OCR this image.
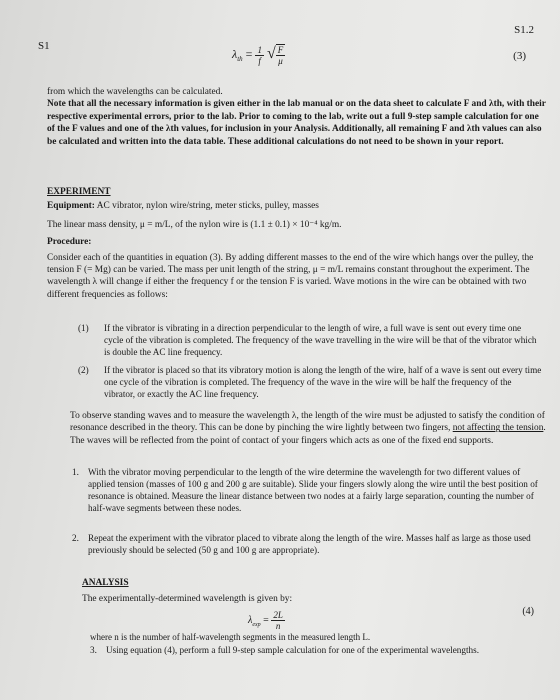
S1
S1.2
$\lambda_{th} = \frac{1}{f}$ √ $\frac{F}{\mu}$	(3)

from which the wavelengths can be calculated.

Note that all the necessary information is given either in the lab manual or on the data sheet to calculate F and λth, with their respective experimental errors, prior to the lab. Prior to coming to the lab, write out a full 9-step sample calculation for one of the F values and one of the λth values, for inclusion in your Analysis. Additionally, all remaining F and λth values can also be calculated and written into the data table. These additional calculations do not need to be shown in your report.

EXPERIMENT

Equipment: AC vibrator, nylon wire/string, meter sticks, pulley, masses

The linear mass density, μ = m/L, of the nylon wire is (1.1 ± 0.1) × 10⁻⁴ kg/m.

Procedure:

Consider each of the quantities in equation (3). By adding different masses to the end of the wire which hangs over the pulley, the tension F (= Mg) can be varied. The mass per unit length of the string, μ = m/L remains constant throughout the experiment. The wavelength λ will change if either the frequency f or the tension F is varied. Wave motions in the wire can be obtained with two different frequencies as follows:

(1)	If the vibrator is vibrating in a direction perpendicular to the length of wire, a full wave is sent out every time one cycle of the vibration is completed. The frequency of the wave travelling in the wire will be that of the vibrator which is double the AC line frequency.

(2)	If the vibrator is placed so that its vibratory motion is along the length of the wire, half of a wave is sent out every time one cycle of the vibration is completed. The frequency of the wave in the wire will be half the frequency of the vibrator, or exactly the AC line frequency.

To observe standing waves and to measure the wavelength λ, the length of the wire must be adjusted to satisfy the condition of resonance described in the theory. This can be done by pinching the wire lightly between two fingers, not affecting the tension. The waves will be reflected from the point of contact of your fingers which acts as one of the fixed end supports.

1. With the vibrator moving perpendicular to the length of the wire determine the wavelength for two different values of applied tension (masses of 100 g and 200 g are suitable). Slide your fingers slowly along the wire until the best position of resonance is obtained. Measure the linear distance between two nodes at a fairly large separation, counting the number of half-wave segments between these nodes.

2. Repeat the experiment with the vibrator placed to vibrate along the length of the wire. Masses half as large as those used previously should be selected (50 g and 100 g are appropriate).

ANALYSIS
The experimentally-determined wavelength is given by:
$\lambda_{exp} = \frac{2L}{n}$	(4)
where n is the number of half-wavelength segments in the measured length L.
3. Using equation (4), perform a full 9-step sample calculation for one of the experimental wavelengths.
